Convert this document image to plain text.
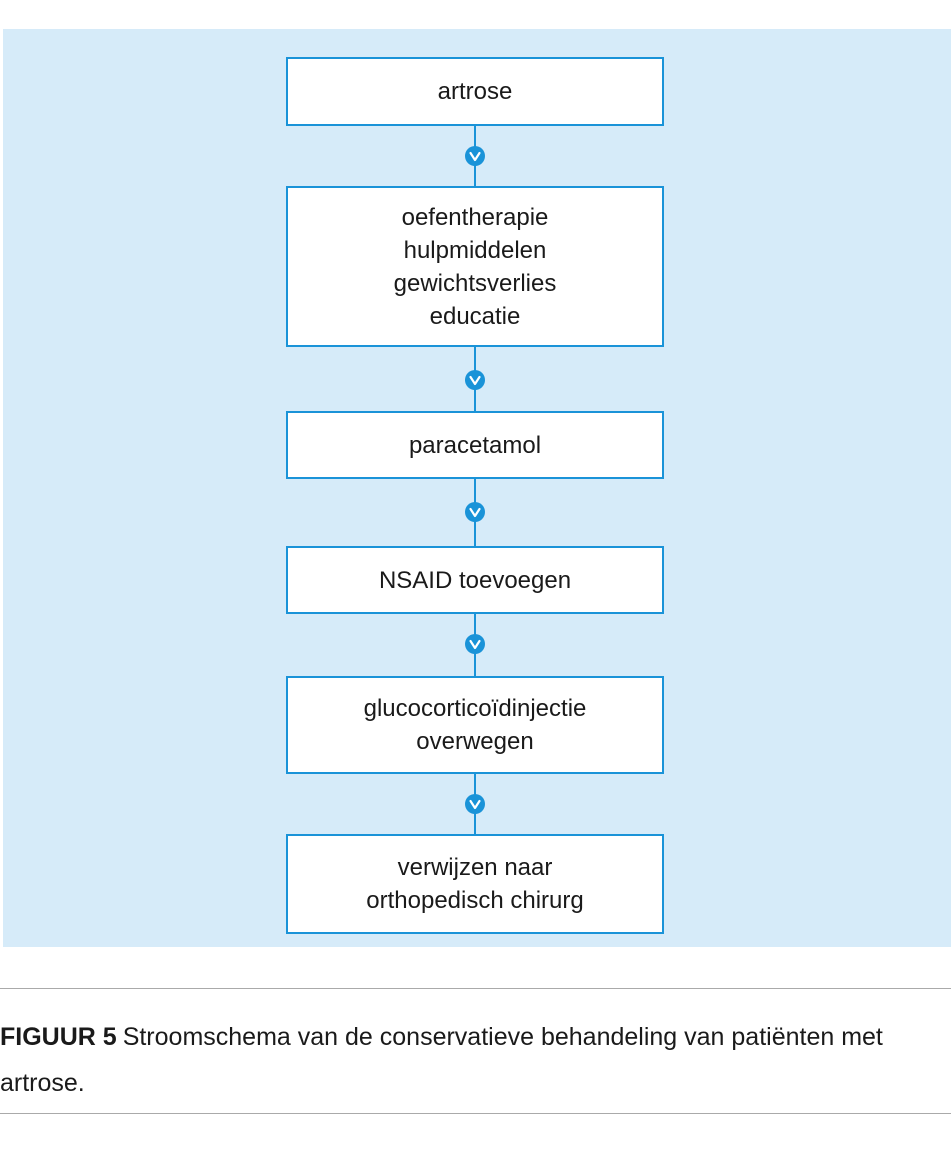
artrose
oefentherapie
hulpmiddelen
gewichtsverlies
educatie
paracetamol
NSAID toevoegen
glucocorticoïdinjectie
overwegen
verwijzen naar
orthopedisch chirurg
FIGUUR 5 Stroomschema van de conservatieve behandeling van patiënten met artrose.
